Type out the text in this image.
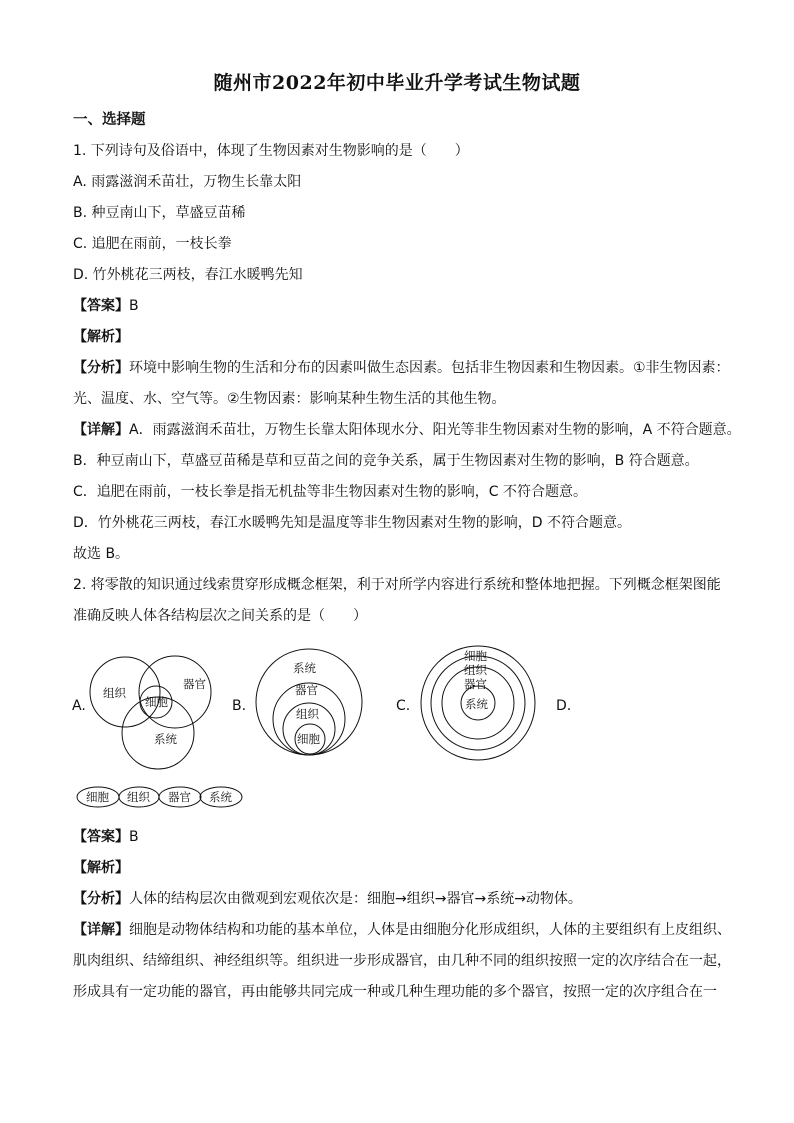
随州市2022年初中毕业升学考试生物试题
一、选择题
1. 下列诗句及俗语中，体现了生物因素对生物影响的是（　　）
A. 雨露滋润禾苗壮，万物生长靠太阳
B. 种豆南山下，草盛豆苗稀
C. 追肥在雨前，一枝长拳
D. 竹外桃花三两枝，春江水暖鸭先知
【答案】B
【解析】
【分析】环境中影响生物的生活和分布的因素叫做生态因素。包括非生物因素和生物因素。①非生物因素：
光、温度、水、空气等。②生物因素：影响某种生物生活的其他生物。
【详解】A．雨露滋润禾苗壮，万物生长靠太阳体现水分、阳光等非生物因素对生物的影响，A 不符合题意。
B．种豆南山下，草盛豆苗稀是草和豆苗之间的竞争关系，属于生物因素对生物的影响，B 符合题意。
C．追肥在雨前，一枝长拳是指无机盐等非生物因素对生物的影响，C 不符合题意。
D．竹外桃花三两枝，春江水暖鸭先知是温度等非生物因素对生物的影响，D 不符合题意。
故选 B。
2. 将零散的知识通过线索贯穿形成概念框架，利于对所学内容进行系统和整体地把握。下列概念框架图能
准确反映人体各结构层次之间关系的是（　　）
A.	B.	C.	D.
组织
器官
细胞
系统
系统
器官
组织
细胞
细胞
组织
器官
系统
细胞 组织 器官 系统
【答案】B
【解析】
【分析】人体的结构层次由微观到宏观依次是：细胞→组织→器官→系统→动物体。
【详解】细胞是动物体结构和功能的基本单位，人体是由细胞分化形成组织，人体的主要组织有上皮组织、
肌肉组织、结缔组织、神经组织等。组织进一步形成器官，由几种不同的组织按照一定的次序结合在一起，
形成具有一定功能的器官，再由能够共同完成一种或几种生理功能的多个器官，按照一定的次序组合在一
